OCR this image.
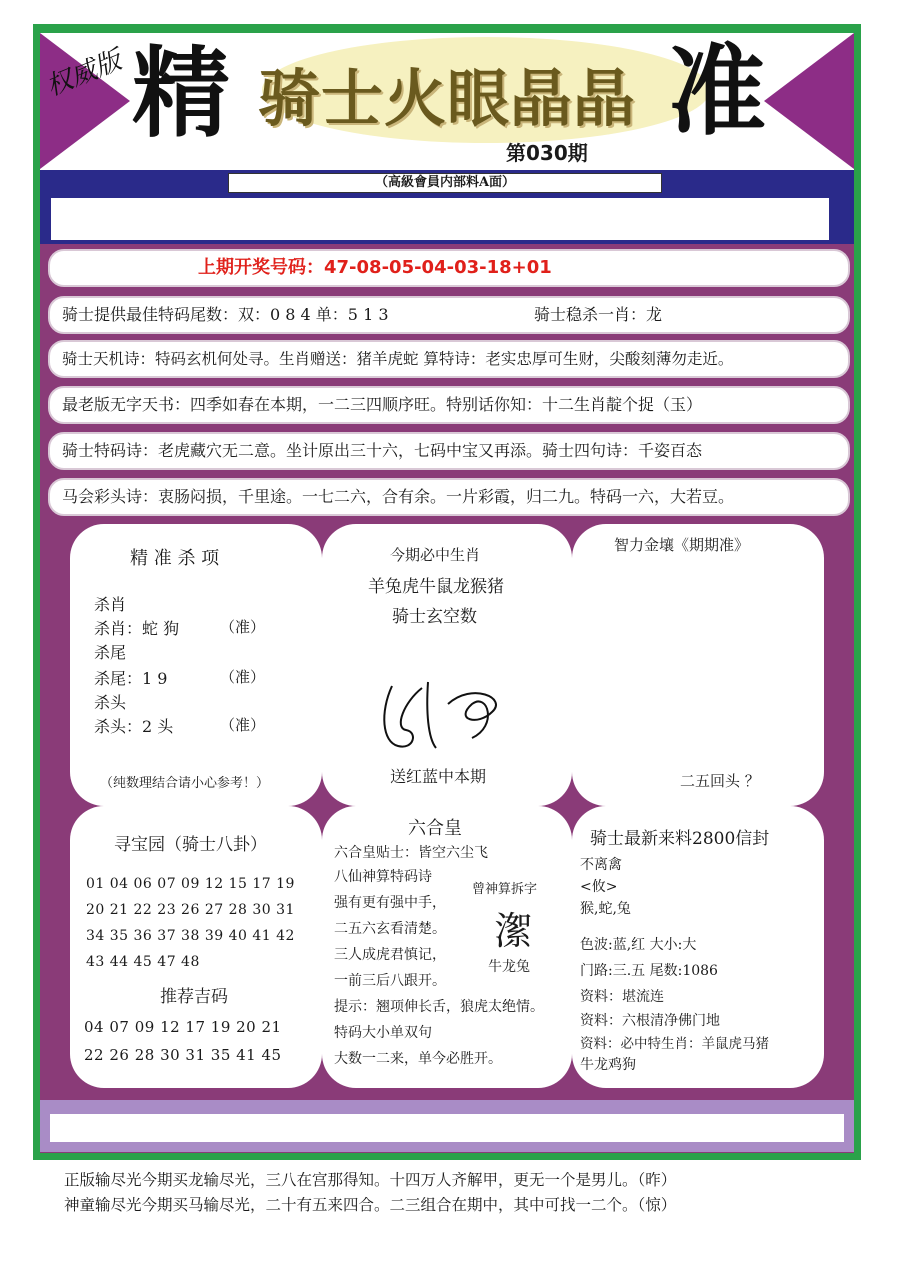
权威版 精 骑士火眼晶晶 准
第030期
（高級會員内部料A面）
上期开奖号码：47-08-05-04-03-18+01
骑士提供最佳特码尾数：双：0 8 4 单：5 1 3	骑士稳杀一肖：龙
骑士天机诗：特码玄机何处寻。生肖赠送：猪羊虎蛇 算特诗：老实忠厚可生财，尖酸刻薄勿走近。
最老版无字天书：四季如春在本期，一二三四顺序旺。特别话你知：十二生肖靛个捉（玉）
骑士特码诗：老虎藏穴无二意。坐计原出三十六，七码中宝又再添。骑士四句诗：千姿百态
马会彩头诗：衷肠闷损，千里途。一七二六，合有余。一片彩霞，归二九。特码一六，大若豆。
精 准 杀 项
杀肖
杀肖：蛇 狗
杀尾
杀尾：1 9
杀头
杀头：2 头
（准）
（准）
（准）
（纯数理结合请小心参考！）
今期必中生肖
羊兔虎牛鼠龙猴猪
骑士玄空数
送红蓝中本期
智力金壤《期期准》
二五回头 ？
寻宝园（骑士八卦）
01 04 06 07 09 12 15 17 19
20 21 22 23 26 27 28 30 31
34 35 36 37 38 39 40 41 42
43 44 45 47 48
推荐吉码
04 07 09 12 17 19 20 21
22 26 28 30 31 35 41 45
六合皇
六合皇贴士：皆空六尘飞
八仙神算特码诗
强有更有强中手，
二五六玄看清楚。
三人成虎君慎记，
一前三后八跟开。
提示：翘项伸长舌，狼虎太绝情。
特码大小单双句
大数一二来，单今必胜开。
曾神算拆字
㵖
牛龙兔
骑士最新来料2800信封
不离禽
<攸>
猴,蛇,兔
色波:蓝,红 大小:大
门路:三.五 尾数:1086
资料：堪流连
资料：六根清净佛门地
资料：必中特生肖：羊鼠虎马猪
牛龙鸡狗
正版输尽光今期买龙输尽光，三八在宫那得知。十四万人齐解甲，更无一个是男儿。（昨）
神童输尽光今期买马输尽光，二十有五来四合。二三组合在期中，其中可找一二个。（惊）
